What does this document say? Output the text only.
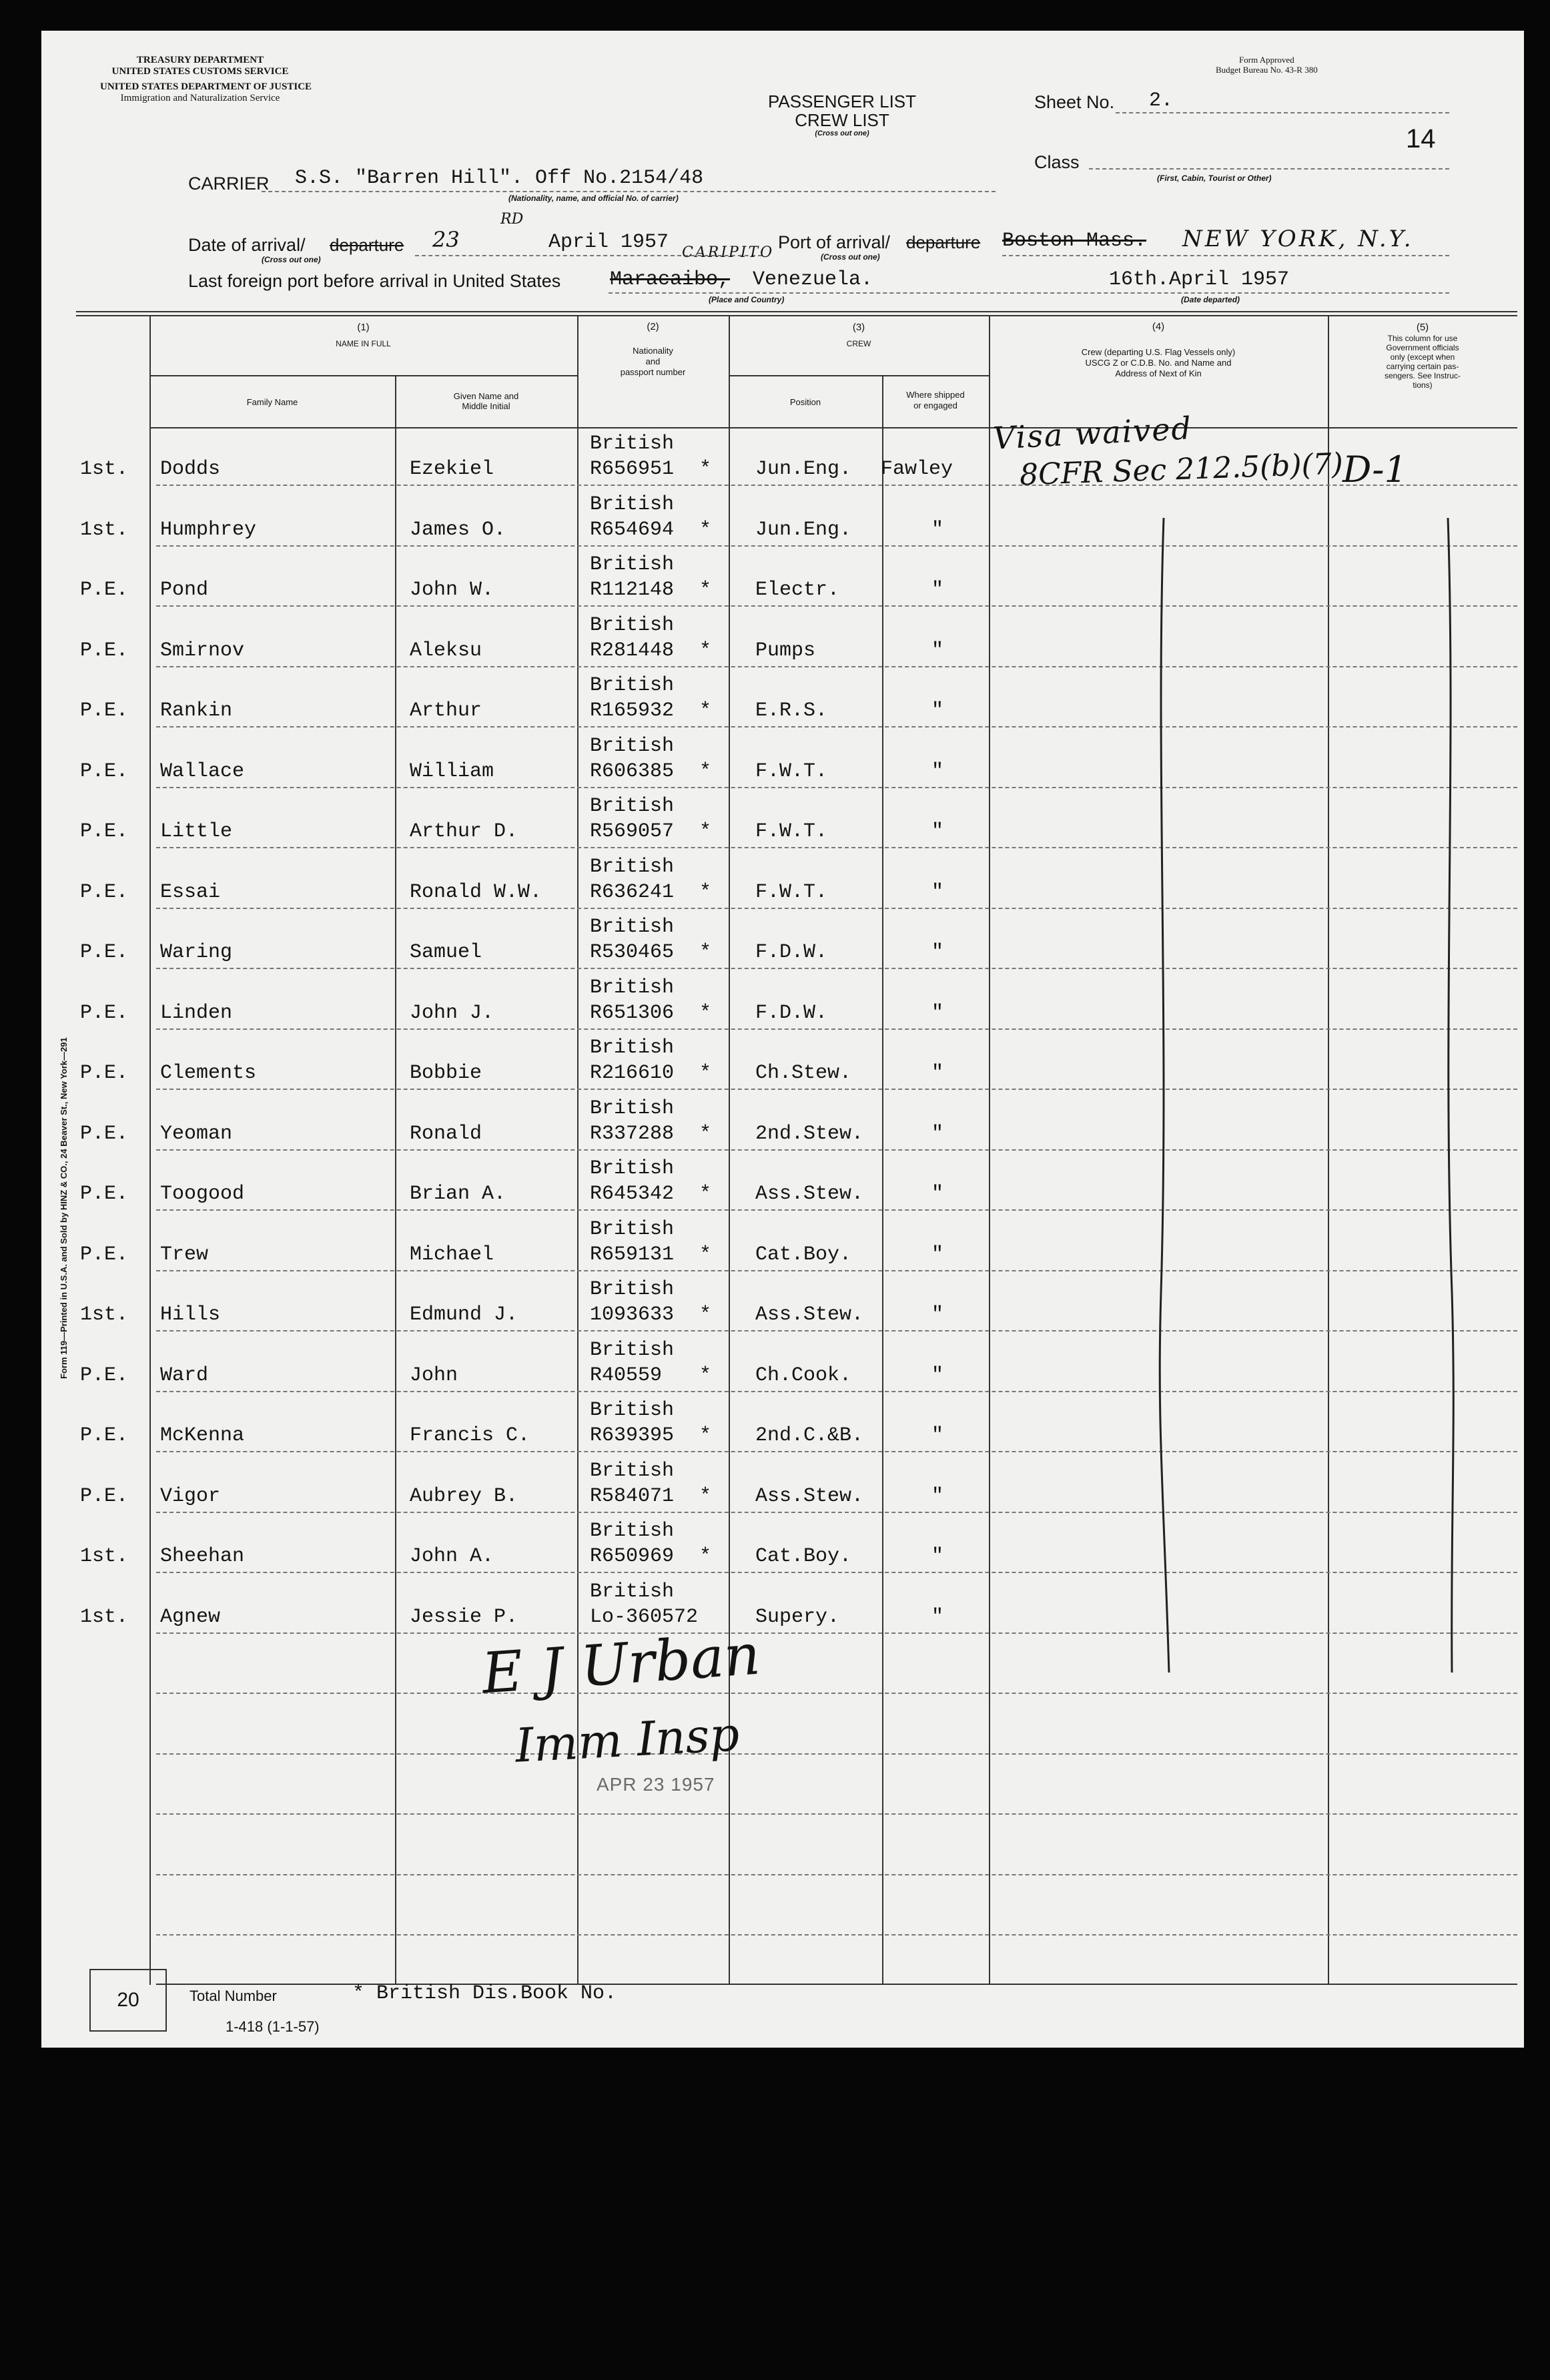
TREASURY DEPARTMENT
UNITED STATES CUSTOMS SERVICE
UNITED STATES DEPARTMENT OF JUSTICE
Immigration and Naturalization Service
Form Approved
Budget Bureau No. 43-R 380
PASSENGER LIST
CREW LIST
(Cross out one)
Sheet No. 2.
14
Class
(First, Cabin, Tourist or Other)
CARRIER S.S. "Barren Hill". Off No.2154/48
(Nationality, name, and official No. of carrier)
Date of arrival/ departure
(Cross out one)
RD
23	April 1957	Port of arrival/ departure
(Cross out one)
Boston Mass. NEW YORK, N.Y.
CARIPITO
Last foreign port before arrival in United States Maracaibo, Venezuela.	16th.April 1957
(Place and Country)	(Date departed)
(1)
NAME IN FULL
Family Name
Given Name and
Middle Initial
(2)
Nationality
and
passport number
(3)
CREW
Position
Where shipped
or engaged
(4)
Crew (departing U.S. Flag Vessels only)
USCG Z or C.D.B. No. and Name and
Address of Next of Kin
(5)
This column for use
Government officials
only (except when
carrying certain pas-
sengers. See Instruc-
tions)
1st. Dodds	Ezekiel
British
R656951 * Jun.Eng. Fawley
1st. Humphrey	James O.
British
R654694 * Jun.Eng.	"
P.E. Pond	John W.
British
R112148 * Electr.	"
P.E. Smirnov	Aleksu
British
R281448 * Pumps	"
P.E. Rankin	Arthur
British
R165932 * E.R.S.	"
P.E. Wallace	William
British
R606385 * F.W.T.	"
P.E. Little	Arthur D.
British
R569057 * F.W.T.	"
P.E. Essai	Ronald W.W.
British
R636241 * F.W.T.	"
P.E. Waring	Samuel
British
R530465 * F.D.W.	"
P.E. Linden	John J.
British
R651306 * F.D.W.	"
P.E. Clements	Bobbie
British
R216610 * Ch.Stew.	"
P.E. Yeoman	Ronald
British
R337288 * 2nd.Stew.	"
P.E. Toogood	Brian A.
British
R645342 * Ass.Stew.	"
P.E. Trew	Michael
British
R659131 * Cat.Boy.	"
1st. Hills	Edmund J.
British
1093633 * Ass.Stew.	"
P.E. Ward	John
British
R40559 * Ch.Cook.	"
P.E. McKenna	Francis C.
British
R639395 * 2nd.C.&B.	"
P.E. Vigor	Aubrey B.
British
R584071 * Ass.Stew.	"
1st. Sheehan	John A.
British
R650969 * Cat.Boy.	"
1st. Agnew	Jessie P.
British
Lo-360572	Supery.	"
Form 119—Printed in U.S.A. and Sold by HINZ & CO., 24 Beaver St., New York—291
Visa waived
8CFR Sec 212.5(b)(7)
D-1
E J Urban
Imm Insp
APR 23 1957
20	Total Number
1-418 (1-1-57)
* British Dis.Book No.
